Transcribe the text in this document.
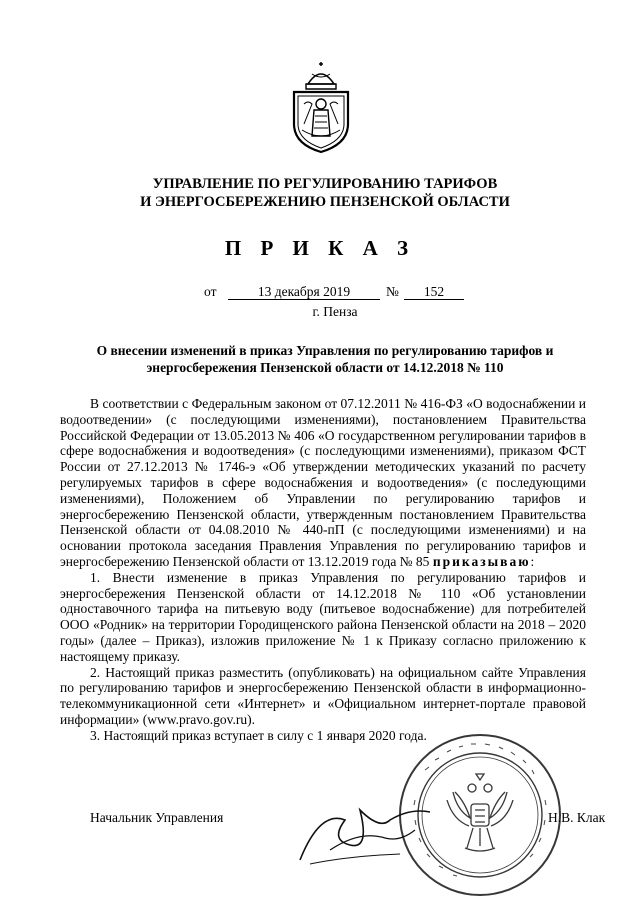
УПРАВЛЕНИЕ ПО РЕГУЛИРОВАНИЮ ТАРИФОВ
И ЭНЕРГОСБЕРЕЖЕНИЮ ПЕНЗЕНСКОЙ ОБЛАСТИ
П Р И К А З
от	13 декабря 2019	№	152
г. Пенза
О внесении изменений в приказ Управления по регулированию тарифов и
энергосбережения Пензенской области от 14.12.2018 № 110

В соответствии с Федеральным законом от 07.12.2011 № 416-ФЗ «О водоснабжении и водоотведении» (с последующими изменениями), постановлением Правительства Российской Федерации от 13.05.2013 № 406 «О государственном регулировании тарифов в сфере водоснабжения и водоотведения» (с последующими изменениями), приказом ФСТ России от 27.12.2013 № 1746-э «Об утверждении методических указаний по расчету регулируемых тарифов в сфере водоснабжения и водоотведения» (с последующими изменениями), Положением об Управлении по регулированию тарифов и энергосбережению Пензенской области, утвержденным постановлением Правительства Пензенской области от 04.08.2010 № 440-пП (с последующими изменениями) и на основании протокола заседания Правления Управления по регулированию тарифов и энергосбережению Пензенской области от 13.12.2019 года № 85 приказываю:

1. Внести изменение в приказ Управления по регулированию тарифов и энергосбережения Пензенской области от 14.12.2018 № 110 «Об установлении одноставочного тарифа на питьевую воду (питьевое водоснабжение) для потребителей ООО «Родник» на территории Городищенского района Пензенской области на 2018 – 2020 годы» (далее – Приказ), изложив приложение № 1 к Приказу согласно приложению к настоящему приказу.

2. Настоящий приказ разместить (опубликовать) на официальном сайте Управления по регулированию тарифов и энергосбережению Пензенской области в информационно-телекоммуникационной сети «Интернет» и «Официальном интернет-портале правовой информации» (www.pravo.gov.ru).

3. Настоящий приказ вступает в силу с 1 января 2020 года.

Начальник Управления	Н.В. Клак
